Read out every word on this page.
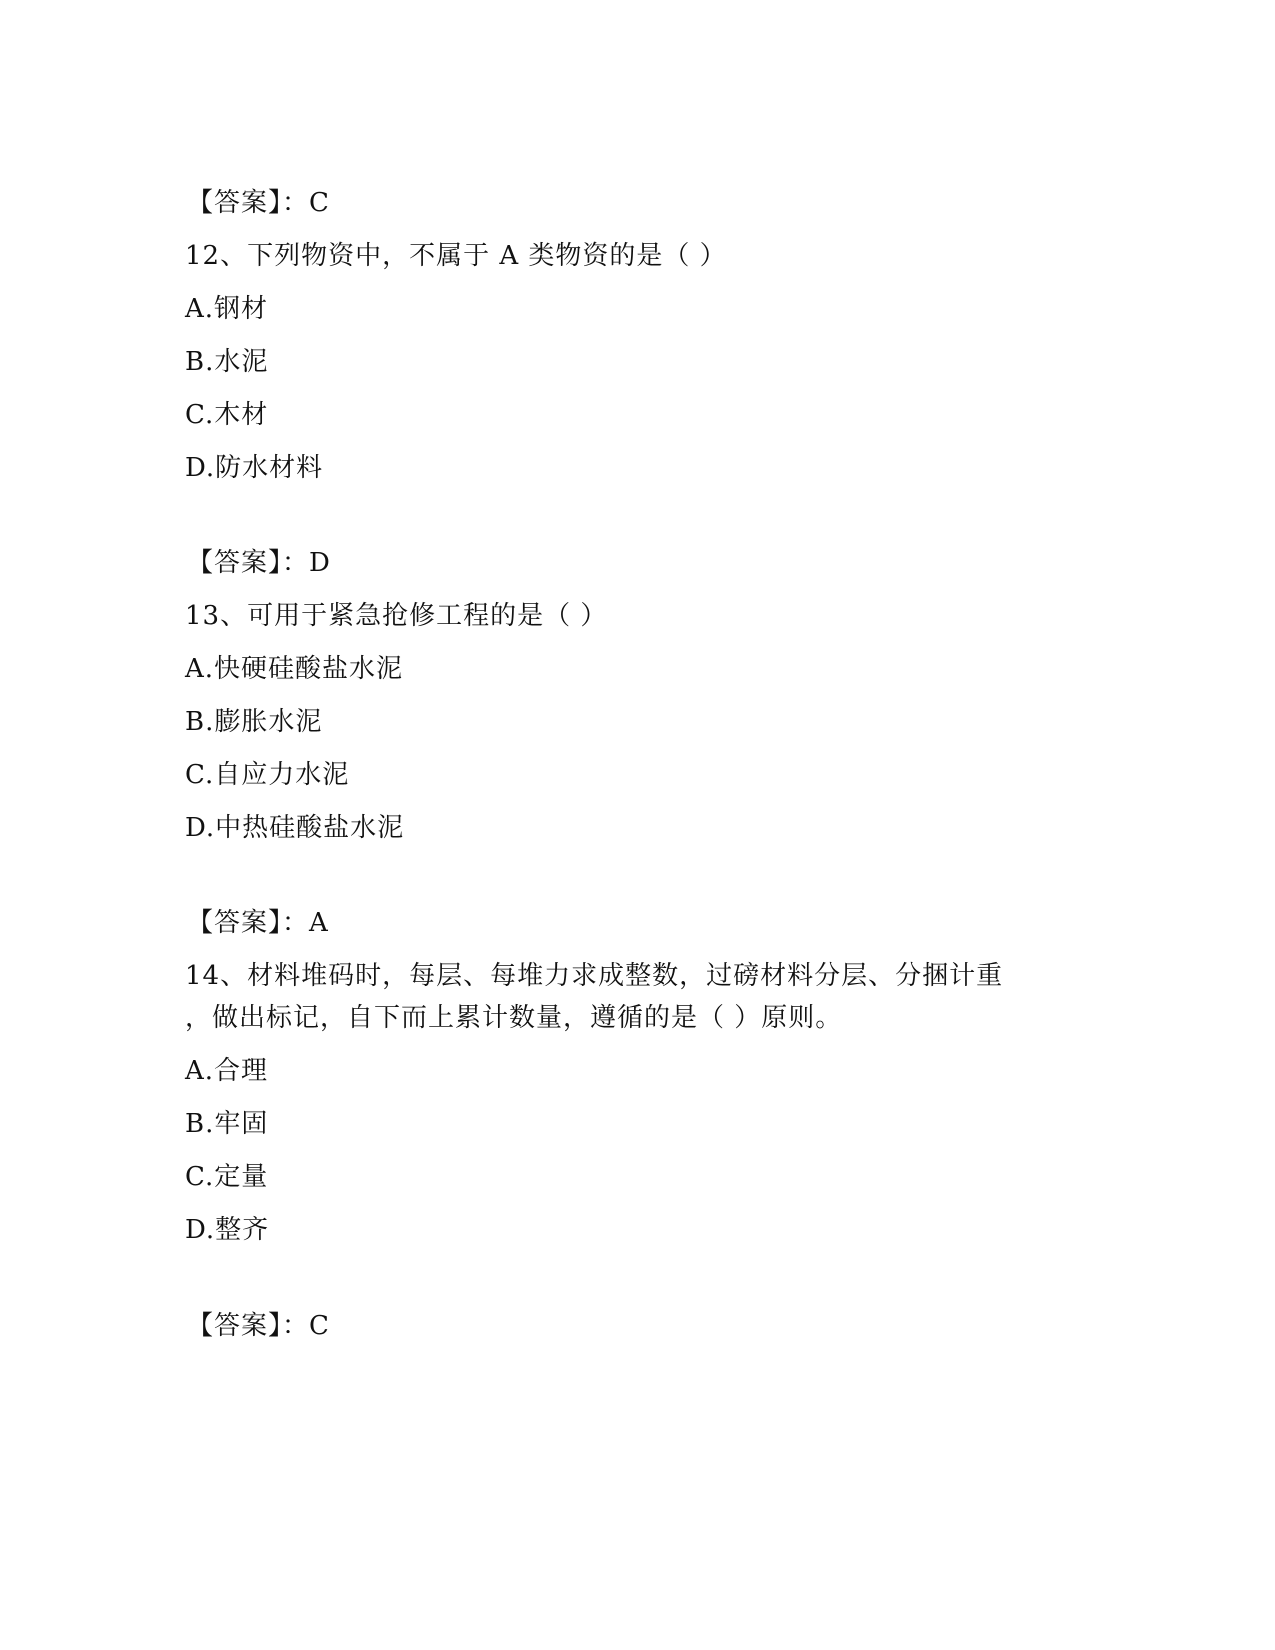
【答案】：C
12、下列物资中，不属于 A 类物资的是（ ）
A.钢材
B.水泥
C.木材
D.防水材料
【答案】：D
13、可用于紧急抢修工程的是（ ）
A.快硬硅酸盐水泥
B.膨胀水泥
C.自应力水泥
D.中热硅酸盐水泥
【答案】：A
14、材料堆码时，每层、每堆力求成整数，过磅材料分层、分捆计重
，做出标记，自下而上累计数量，遵循的是（ ）原则。
A.合理
B.牢固
C.定量
D.整齐
【答案】：C
